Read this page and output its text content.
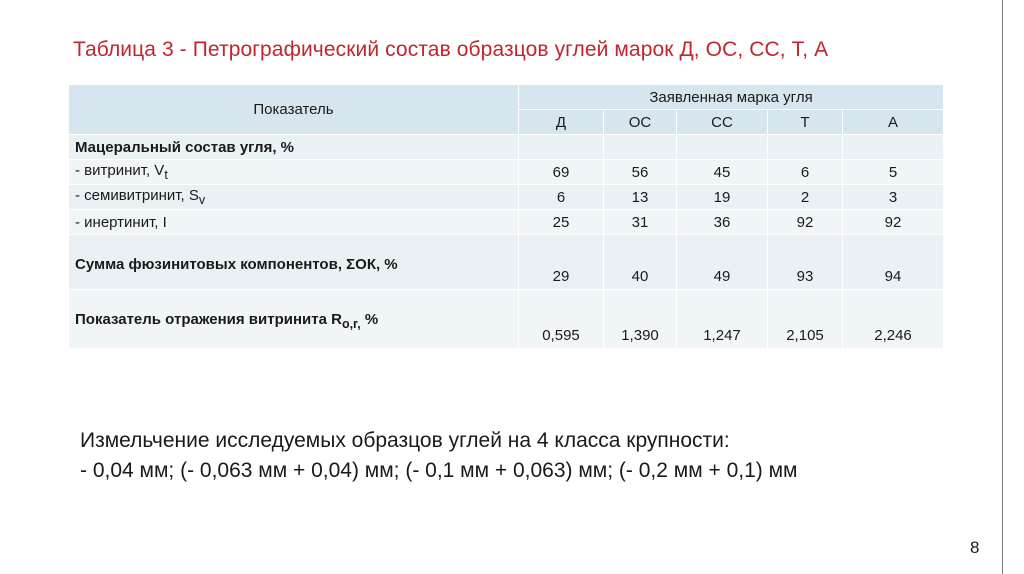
Таблица 3 - Петрографический состав образцов углей марок Д, ОС, СС, Т, А
Показатель	Заявленная марка угля				
	Д	ОС	СС	Т	А
Мацеральный состав угля, %					
- витринит, $V_t$	69	56	45	6	5
- семивитринит, $S_v$	6	13	19	2	3
- инертинит, I	25	31	36	92	92
Сумма фюзинитовых компонентов, ΣОК, %	29	40	49	93	94
Показатель отражения витринита $R_{o,r,}$ %	0,595	1,390	1,247	2,105	2,246
Измельчение исследуемых образцов углей на 4 класса крупности:
- 0,04 мм; (- 0,063 мм + 0,04) мм; (- 0,1 мм + 0,063) мм; (- 0,2 мм + 0,1) мм
8
